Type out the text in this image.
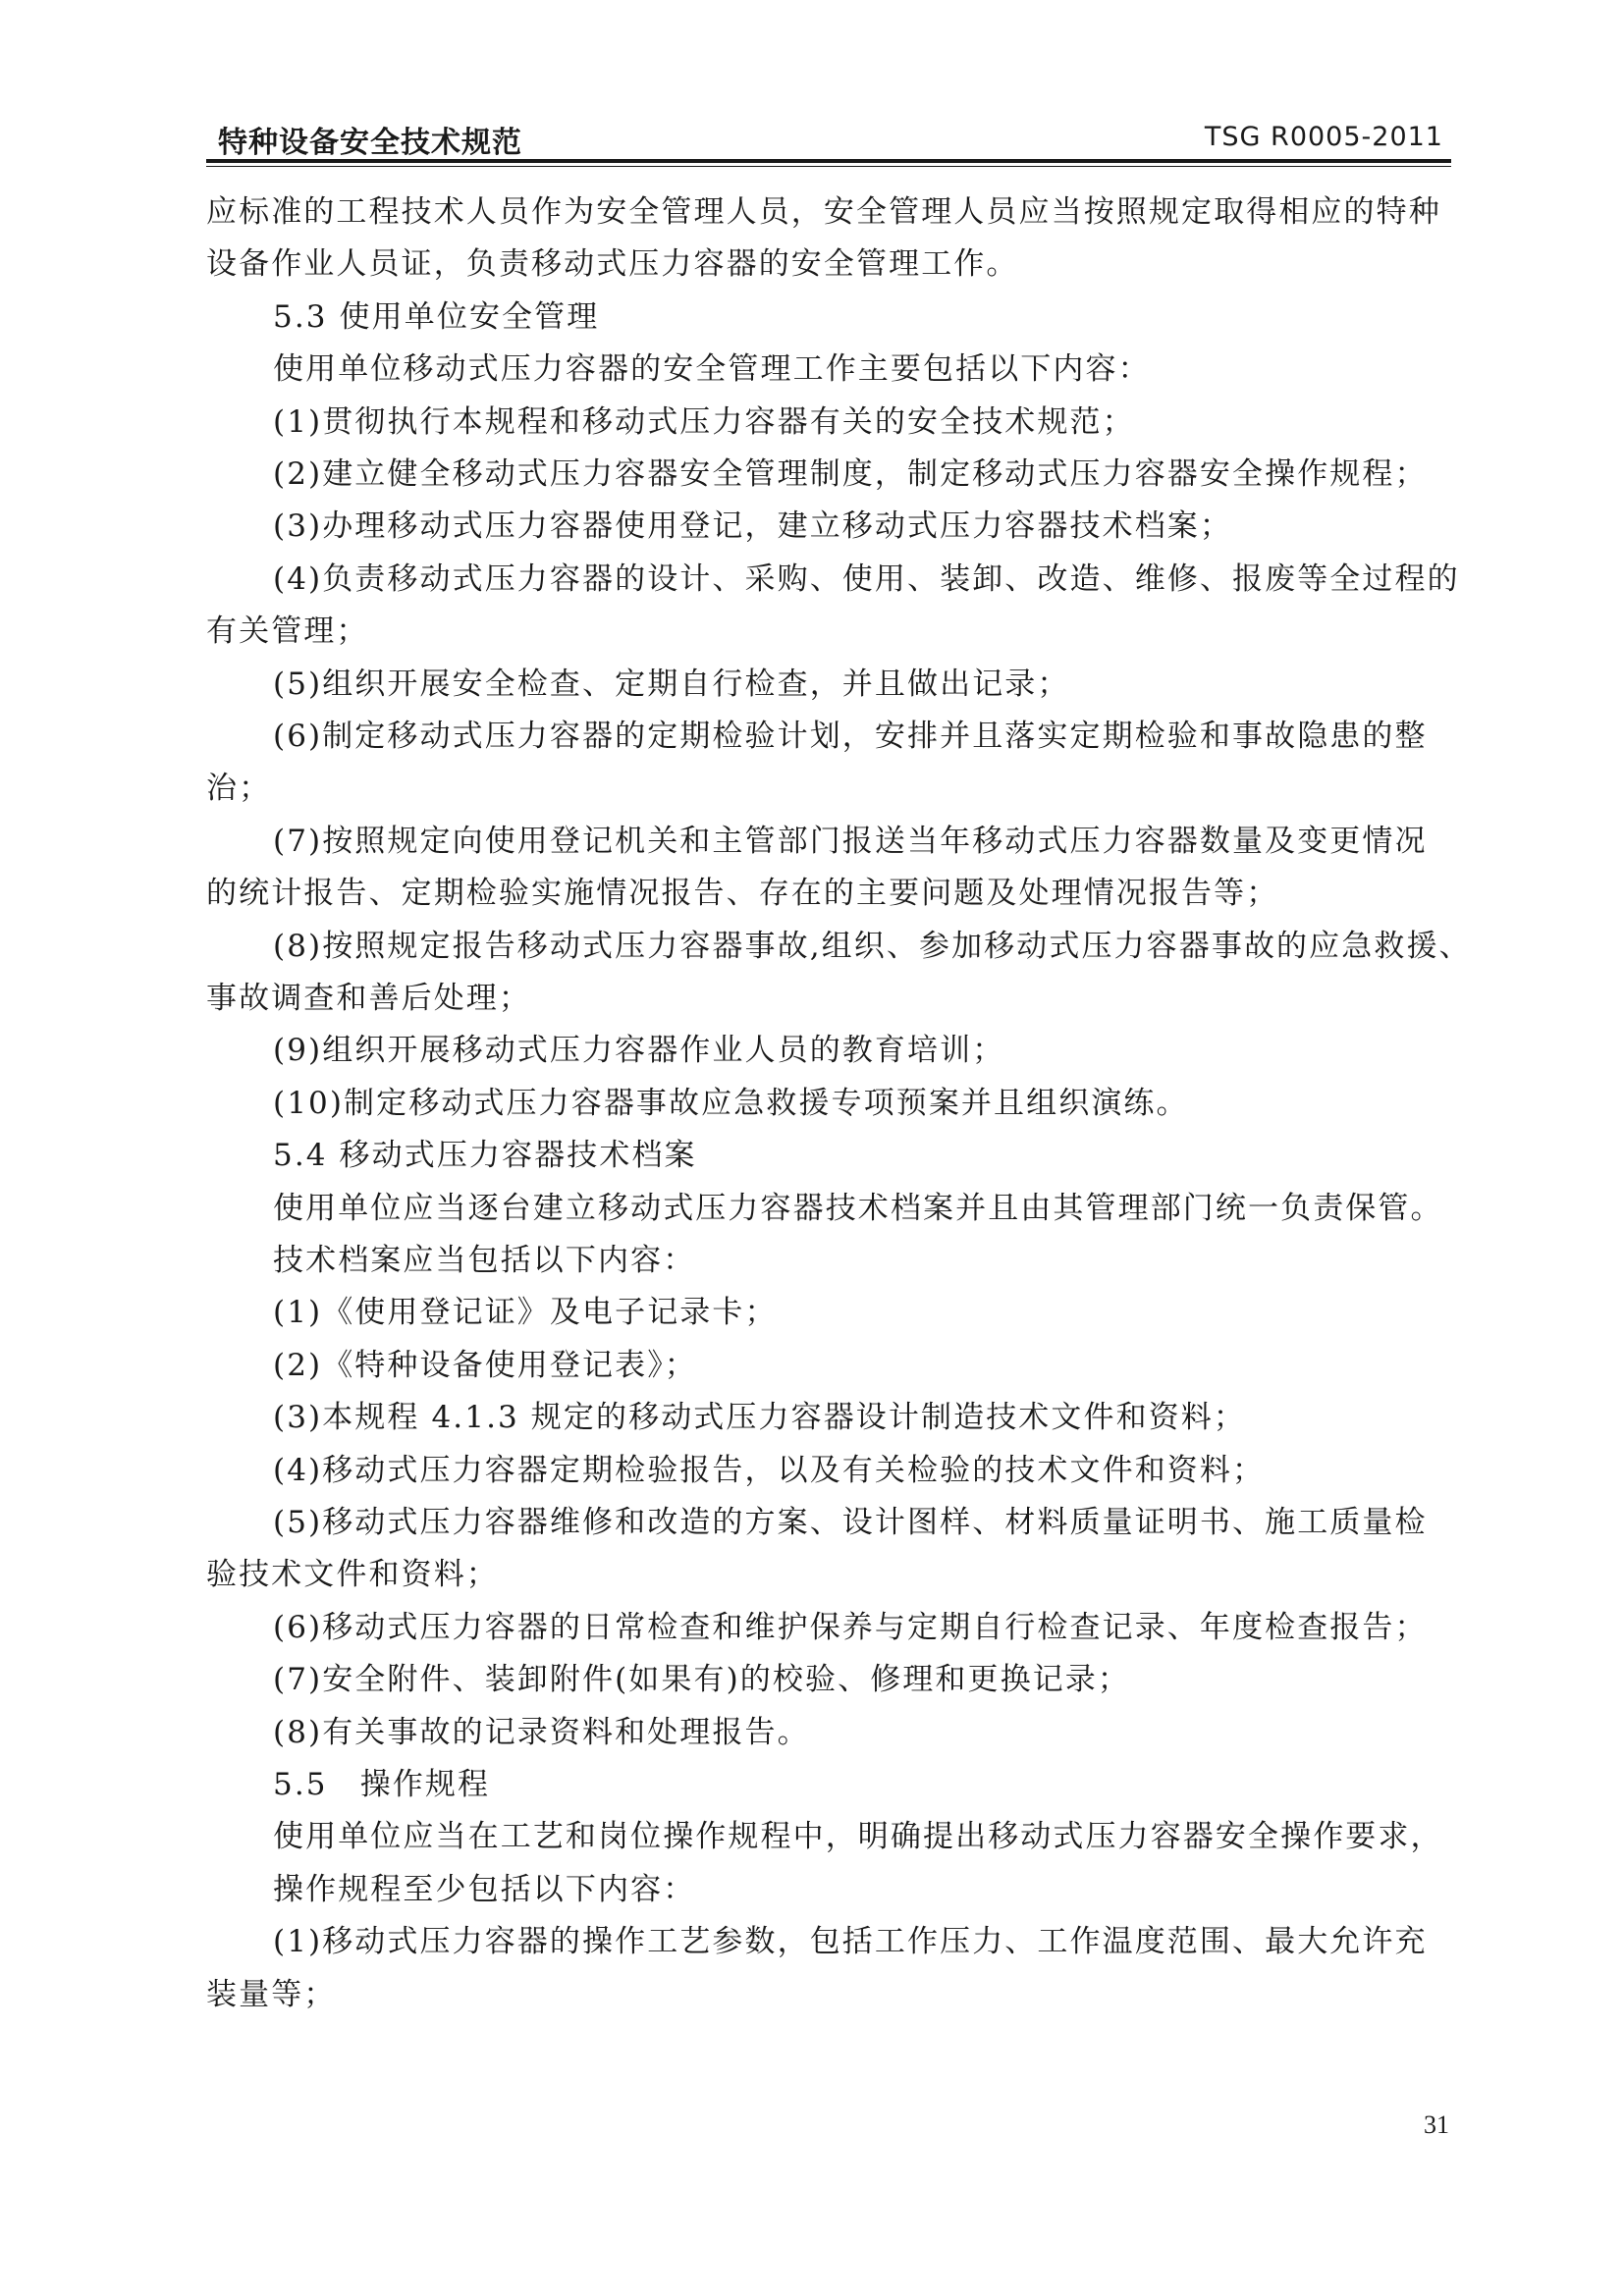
特种设备安全技术规范	TSG R0005-2011
应标准的工程技术人员作为安全管理人员，安全管理人员应当按照规定取得相应的特种
设备作业人员证，负责移动式压力容器的安全管理工作。
5.3 使用单位安全管理
使用单位移动式压力容器的安全管理工作主要包括以下内容：
(1)贯彻执行本规程和移动式压力容器有关的安全技术规范；
(2)建立健全移动式压力容器安全管理制度，制定移动式压力容器安全操作规程；
(3)办理移动式压力容器使用登记，建立移动式压力容器技术档案；
(4)负责移动式压力容器的设计、采购、使用、装卸、改造、维修、报废等全过程的
有关管理；
(5)组织开展安全检查、定期自行检查，并且做出记录；
(6)制定移动式压力容器的定期检验计划，安排并且落实定期检验和事故隐患的整
治；
(7)按照规定向使用登记机关和主管部门报送当年移动式压力容器数量及变更情况
的统计报告、定期检验实施情况报告、存在的主要问题及处理情况报告等；
(8)按照规定报告移动式压力容器事故,组织、参加移动式压力容器事故的应急救援、
事故调查和善后处理；
(9)组织开展移动式压力容器作业人员的教育培训；
(10)制定移动式压力容器事故应急救援专项预案并且组织演练。
5.4 移动式压力容器技术档案
使用单位应当逐台建立移动式压力容器技术档案并且由其管理部门统一负责保管。
技术档案应当包括以下内容：
(1)《使用登记证》及电子记录卡；
(2)《特种设备使用登记表》；
(3)本规程 4.1.3 规定的移动式压力容器设计制造技术文件和资料；
(4)移动式压力容器定期检验报告，以及有关检验的技术文件和资料；
(5)移动式压力容器维修和改造的方案、设计图样、材料质量证明书、施工质量检
验技术文件和资料；
(6)移动式压力容器的日常检查和维护保养与定期自行检查记录、年度检查报告；
(7)安全附件、装卸附件(如果有)的校验、修理和更换记录；
(8)有关事故的记录资料和处理报告。
5.5　操作规程
使用单位应当在工艺和岗位操作规程中，明确提出移动式压力容器安全操作要求，
操作规程至少包括以下内容：
(1)移动式压力容器的操作工艺参数，包括工作压力、工作温度范围、最大允许充
装量等；
31
